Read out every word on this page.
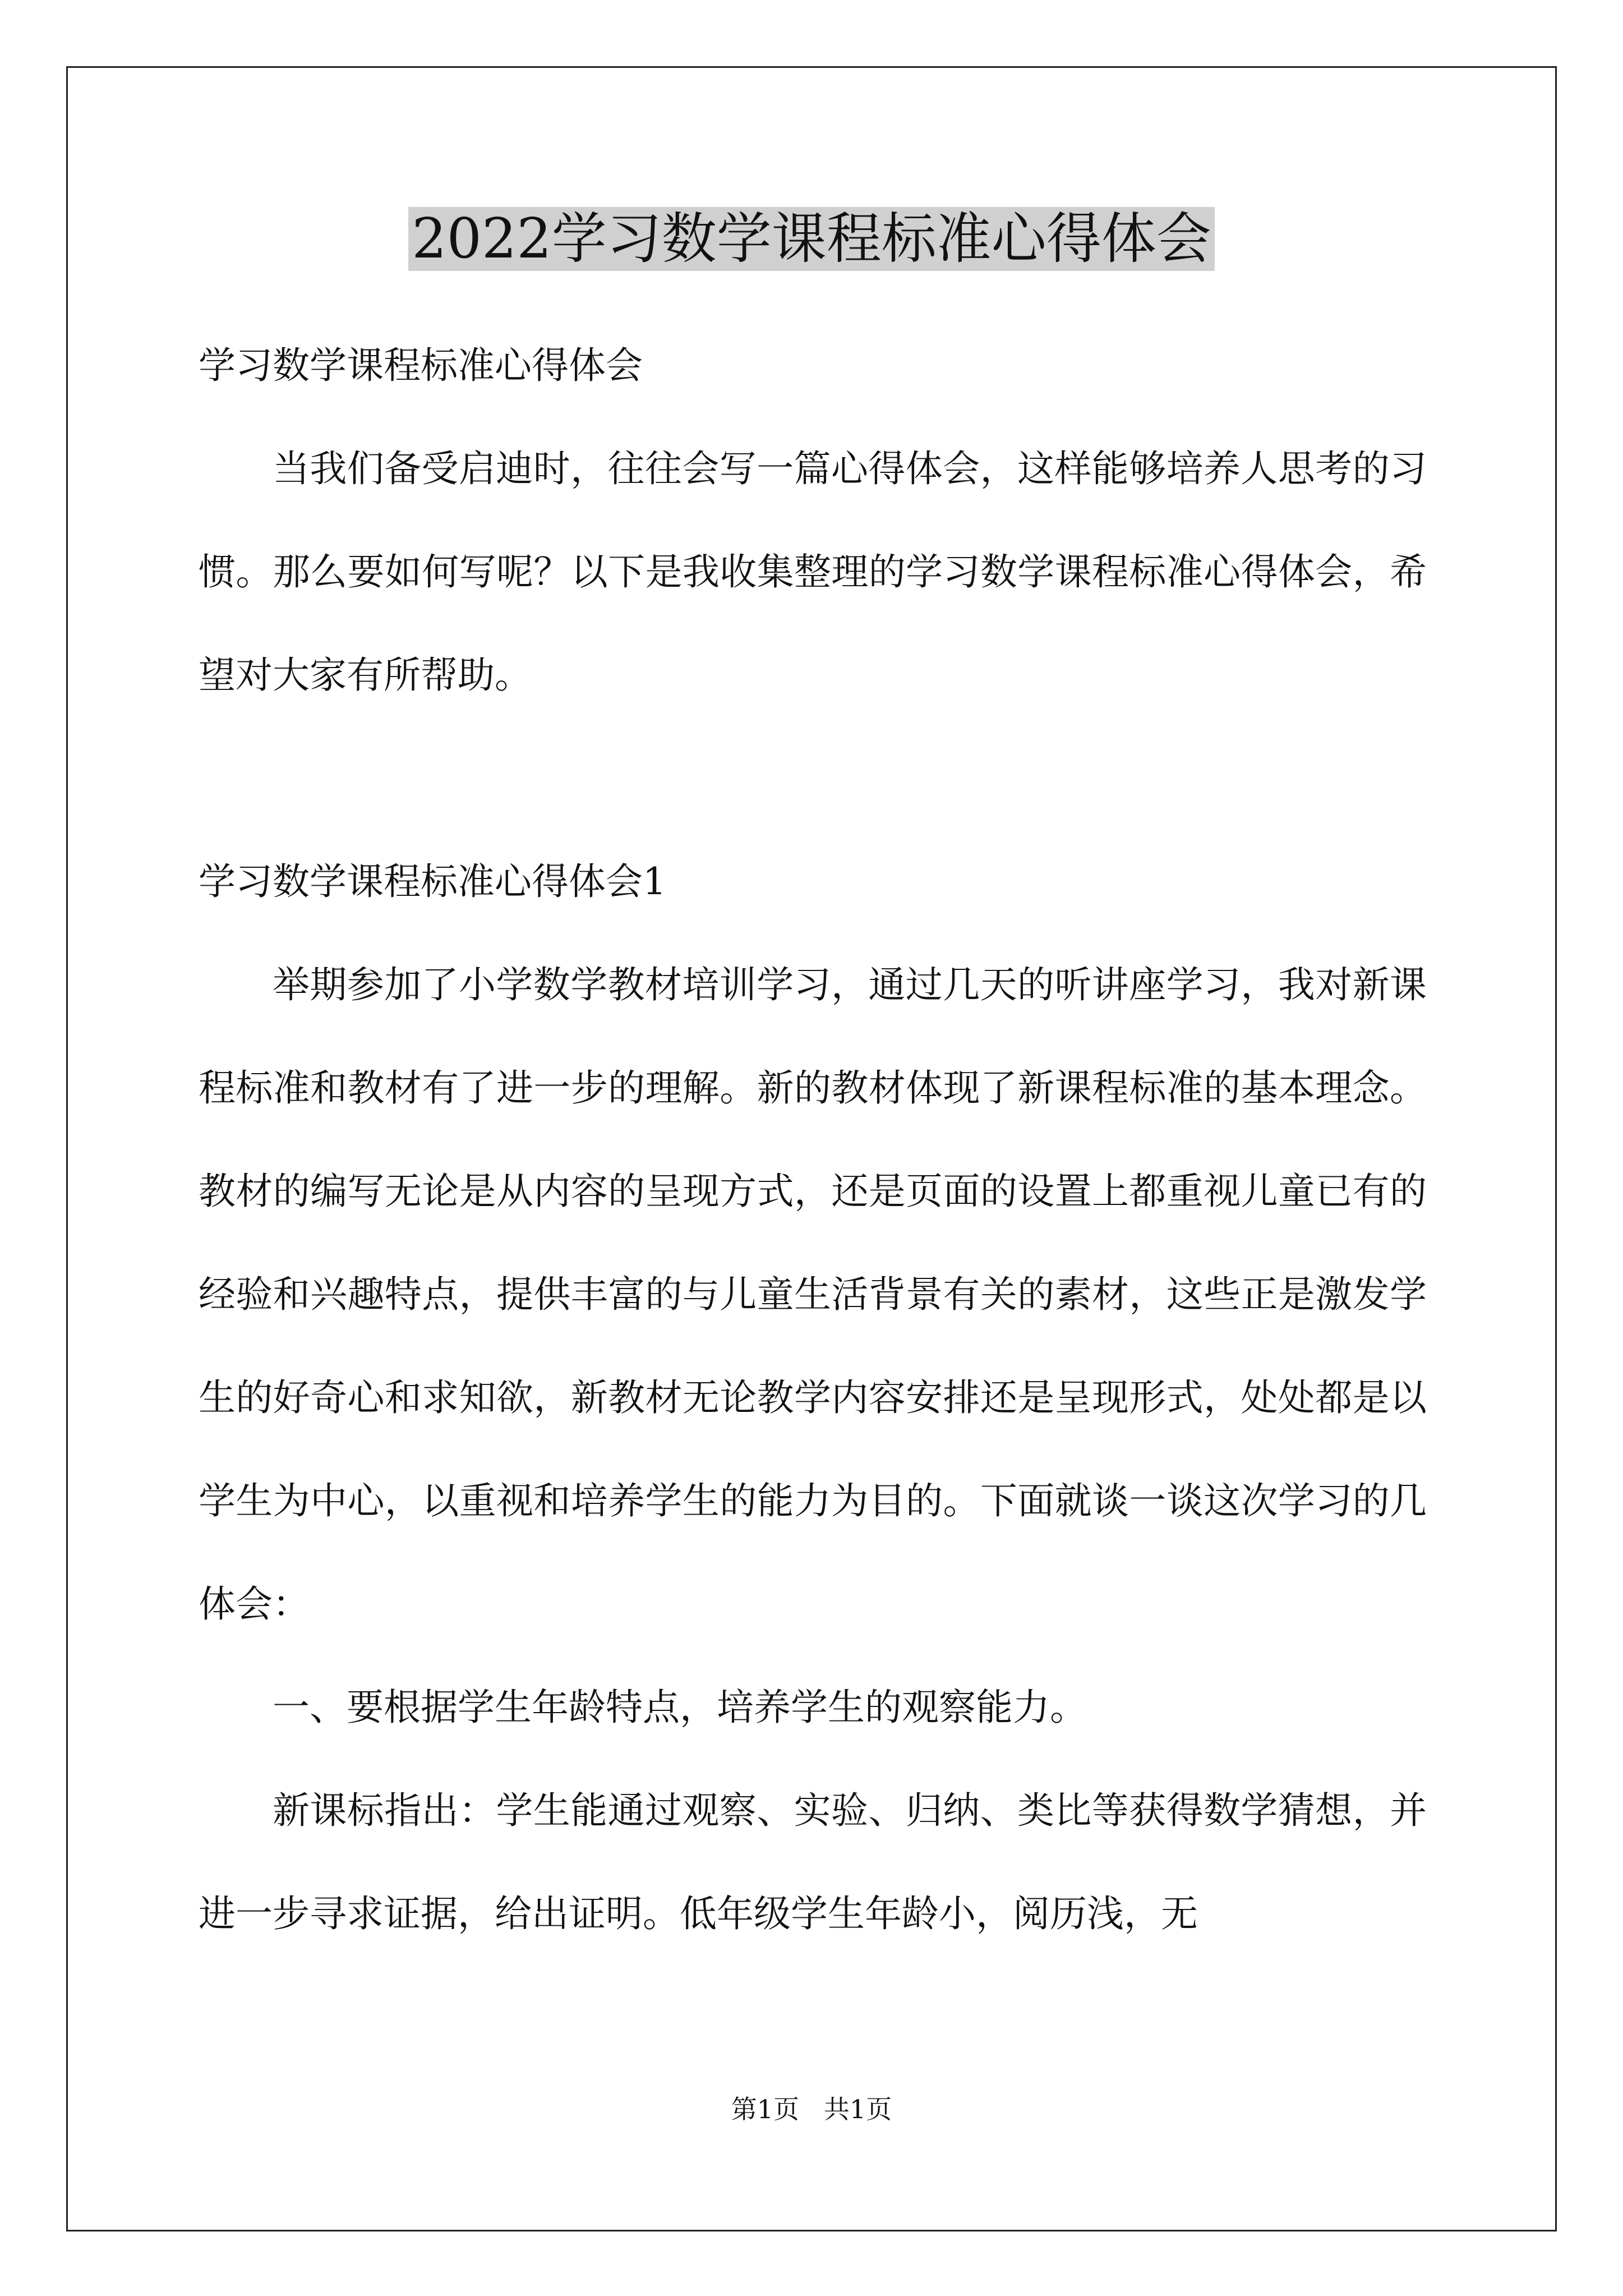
2022学习数学课程标准心得体会

学习数学课程标准心得体会

当我们备受启迪时，往往会写一篇心得体会，这样能够培养人思考的习惯。那么要如何写呢？以下是我收集整理的学习数学课程标准心得体会，希望对大家有所帮助。

学习数学课程标准心得体会1

举期参加了小学数学教材培训学习，通过几天的听讲座学习，我对新课程标准和教材有了进一步的理解。新的教材体现了新课程标准的基本理念。教材的编写无论是从内容的呈现方式，还是页面的设置上都重视儿童已有的经验和兴趣特点，提供丰富的与儿童生活背景有关的素材，这些正是激发学生的好奇心和求知欲，新教材无论教学内容安排还是呈现形式，处处都是以学生为中心，以重视和培养学生的能力为目的。下面就谈一谈这次学习的几体会：

一、要根据学生年龄特点，培养学生的观察能力。

新课标指出：学生能通过观察、实验、归纳、类比等获得数学猜想，并进一步寻求证据，给出证明。低年级学生年龄小，阅历浅，无

第1页   共1页
